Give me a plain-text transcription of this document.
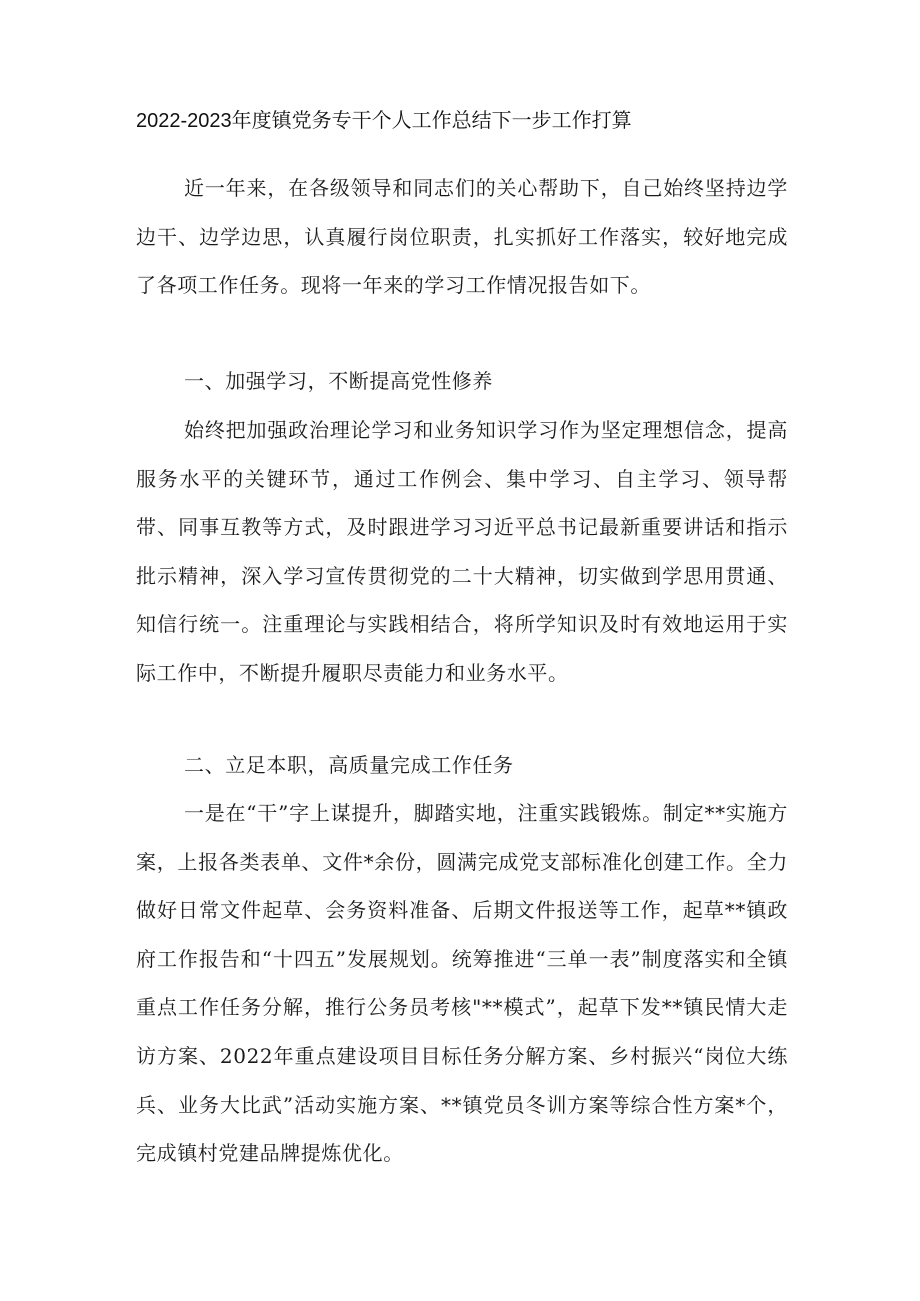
2022-2023年度镇党务专干个人工作总结下一步工作打算

近一年来，在各级领导和同志们的关心帮助下，自己始终坚持边学边干、边学边思，认真履行岗位职责，扎实抓好工作落实，较好地完成了各项工作任务。现将一年来的学习工作情况报告如下。

一、加强学习，不断提高党性修养

始终把加强政治理论学习和业务知识学习作为坚定理想信念，提高服务水平的关键环节，通过工作例会、集中学习、自主学习、领导帮带、同事互教等方式，及时跟进学习习近平总书记最新重要讲话和指示批示精神，深入学习宣传贯彻党的二十大精神，切实做到学思用贯通、知信行统一。注重理论与实践相结合，将所学知识及时有效地运用于实际工作中，不断提升履职尽责能力和业务水平。

二、立足本职，高质量完成工作任务

一是在“干”字上谋提升，脚踏实地，注重实践锻炼。制定**实施方案，上报各类表单、文件*余份，圆满完成党支部标准化创建工作。全力做好日常文件起草、会务资料准备、后期文件报送等工作，起草**镇政府工作报告和“十四五”发展规划。统筹推进“三单一表”制度落实和全镇重点工作任务分解，推行公务员考核"**模式”，起草下发**镇民情大走访方案、2022年重点建设项目目标任务分解方案、乡村振兴“岗位大练兵、业务大比武”活动实施方案、**镇党员冬训方案等综合性方案*个，完成镇村党建品牌提炼优化。
